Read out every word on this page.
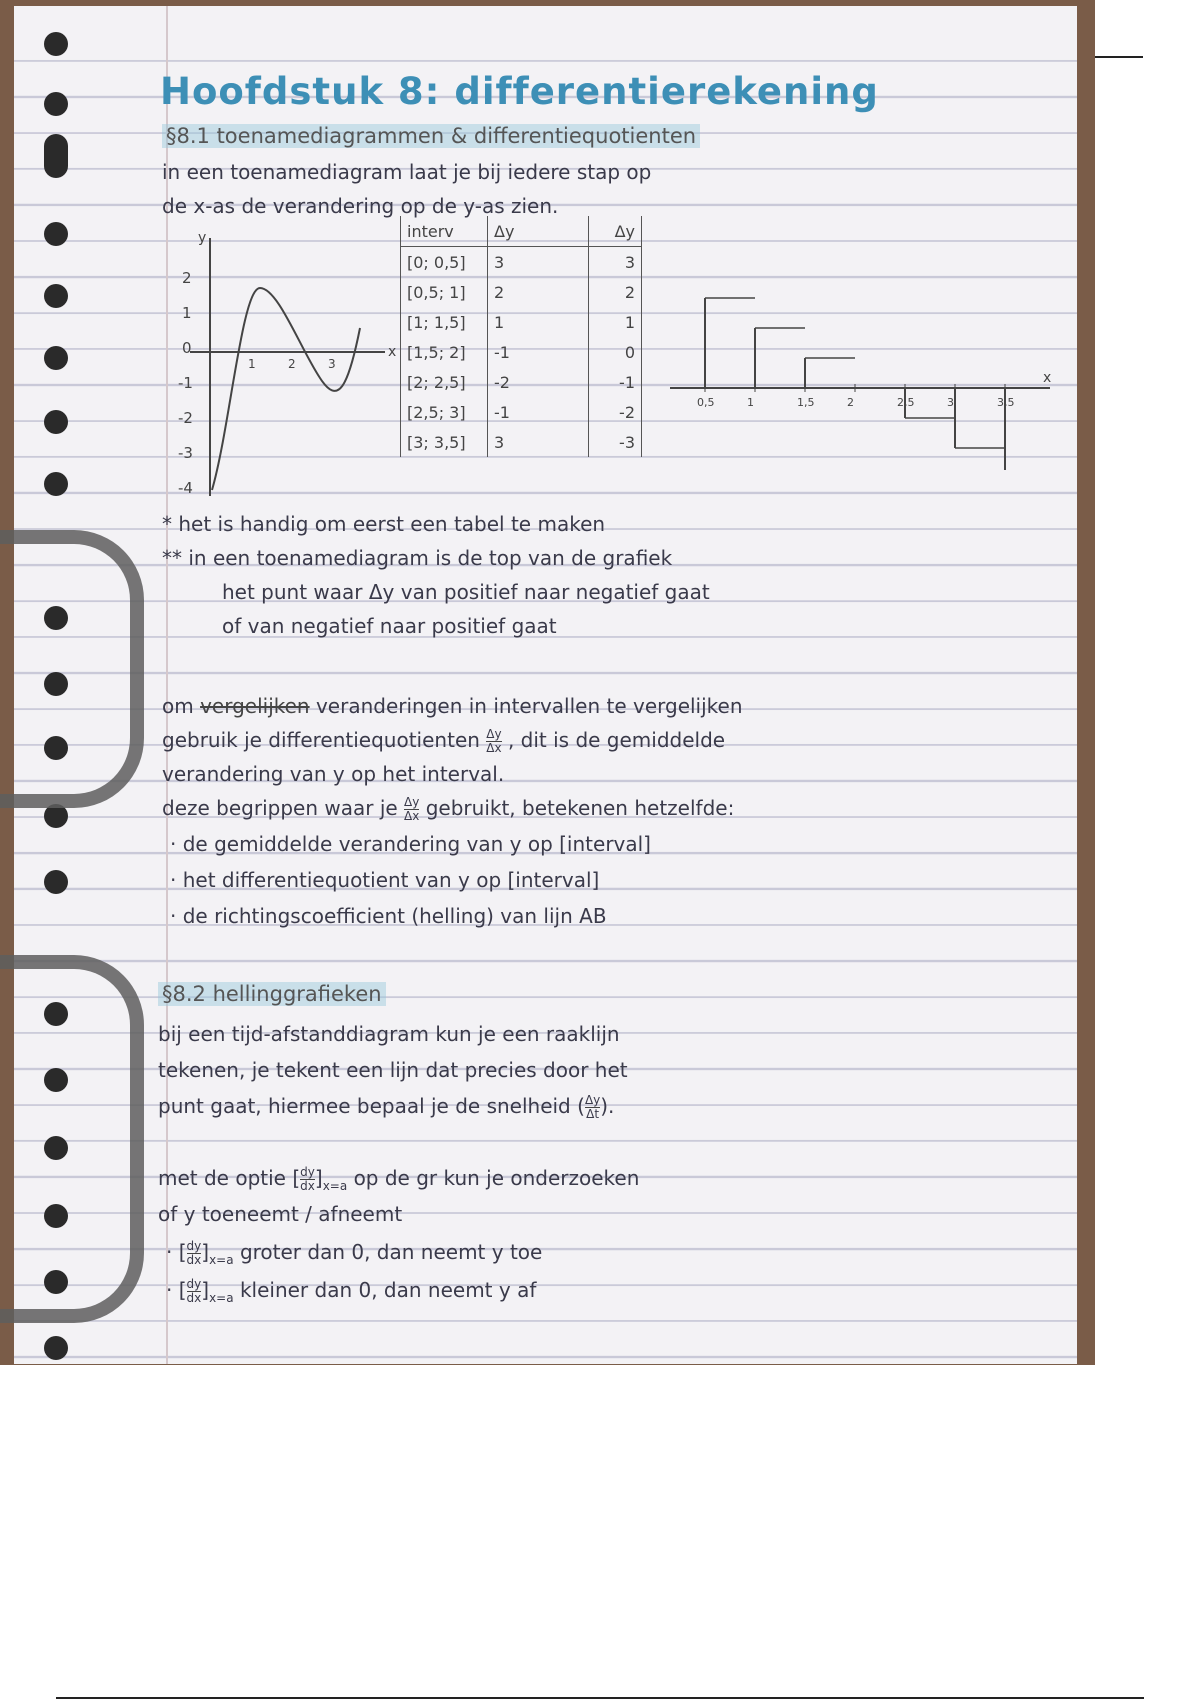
Hoofdstuk 8: differentierekening
§8.1 toenamediagrammen & differentiequotienten
in een toenamediagram laat je bij iedere stap op
de x-as de verandering op de y-as zien.
y
x
2
1
0
-1
-2
-3
-4
1	2	3
interv	Δy	Δy
[0; 0,5]	3	3
[0,5; 1]	2	2
[1; 1,5]	1	1
[1,5; 2]	-1	0
[2; 2,5]	-2	-1
[2,5; 3]	-1	-2
[3; 3,5]	3	-3
x
0,5	1	1,5	2	2,5	3	3,5
* het is handig om eerst een tabel te maken
** in een toenamediagram is de top van de grafiek
het punt waar Δy van positief naar negatief gaat
of van negatief naar positief gaat
om vergelijken veranderingen in intervallen te vergelijken
gebruik je differentiequotienten $\frac{\Delta y}{\Delta x}$ , dit is de gemiddelde
verandering van y op het interval.
deze begrippen waar je $\frac{\Delta y}{\Delta x}$ gebruikt, betekenen hetzelfde:
· de gemiddelde verandering van y op [interval]
· het differentiequotient van y op [interval]
· de richtingscoefficient (helling) van lijn AB
§8.2 hellinggrafieken
bij een tijd-afstanddiagram kun je een raaklijn
tekenen, je tekent een lijn dat precies door het
punt gaat, hiermee bepaal je de snelheid ( $\frac{\Delta y}{\Delta t}$ ).
met de optie [ $\frac{dy}{dx} ]_{x=a}$ op de gr kun je onderzoeken
of y toeneemt / afneemt
· [ $\frac{dy}{dx} ]_{x=a}$ groter dan 0, dan neemt y toe
· [ $\frac{dy}{dx} ]_{x=a}$ kleiner dan 0, dan neemt y af
